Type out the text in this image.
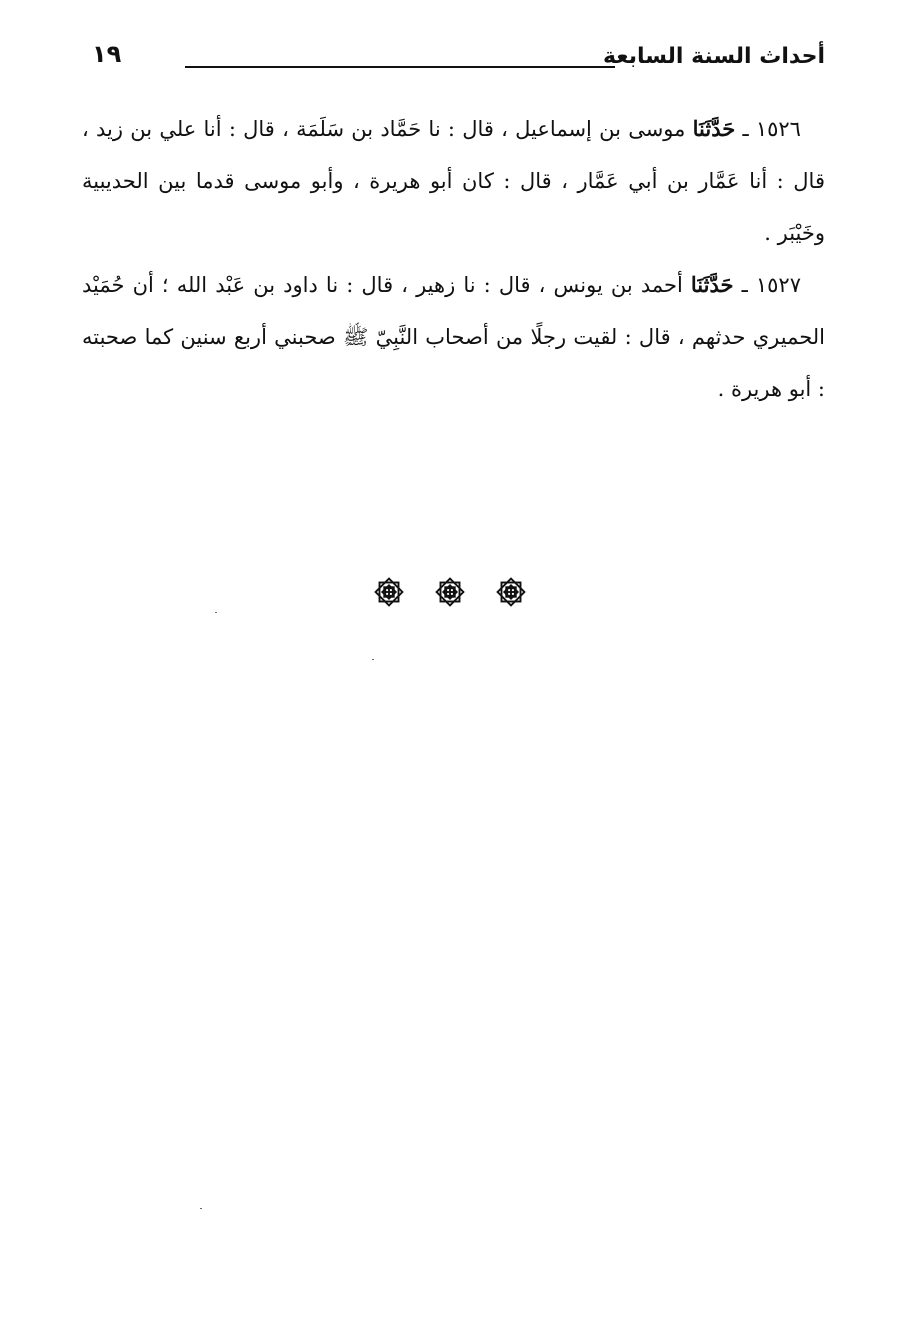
١٩	أحداث السنة السابعة

١٥٢٦ ـ حَدَّثَنَا موسى بن إسماعيل ، قال : نا حَمَّاد بن سَلَمَة ، قال : أنا علي بن زيد ، قال : أنا عَمَّار بن أبي عَمَّار ، قال : كان أبو هريرة ، وأبو موسى قدما بين الحديبية وخَيْبَر .

١٥٢٧ ـ حَدَّثَنَا أحمد بن يونس ، قال : نا زهير ، قال : نا داود بن عَبْد الله ؛ أن حُمَيْد الحميري حدثهم ، قال : لقيت رجلًا من أصحاب النَّبِيّ ﷺ صحبني أربع سنين كما صحبته : أبو هريرة .
